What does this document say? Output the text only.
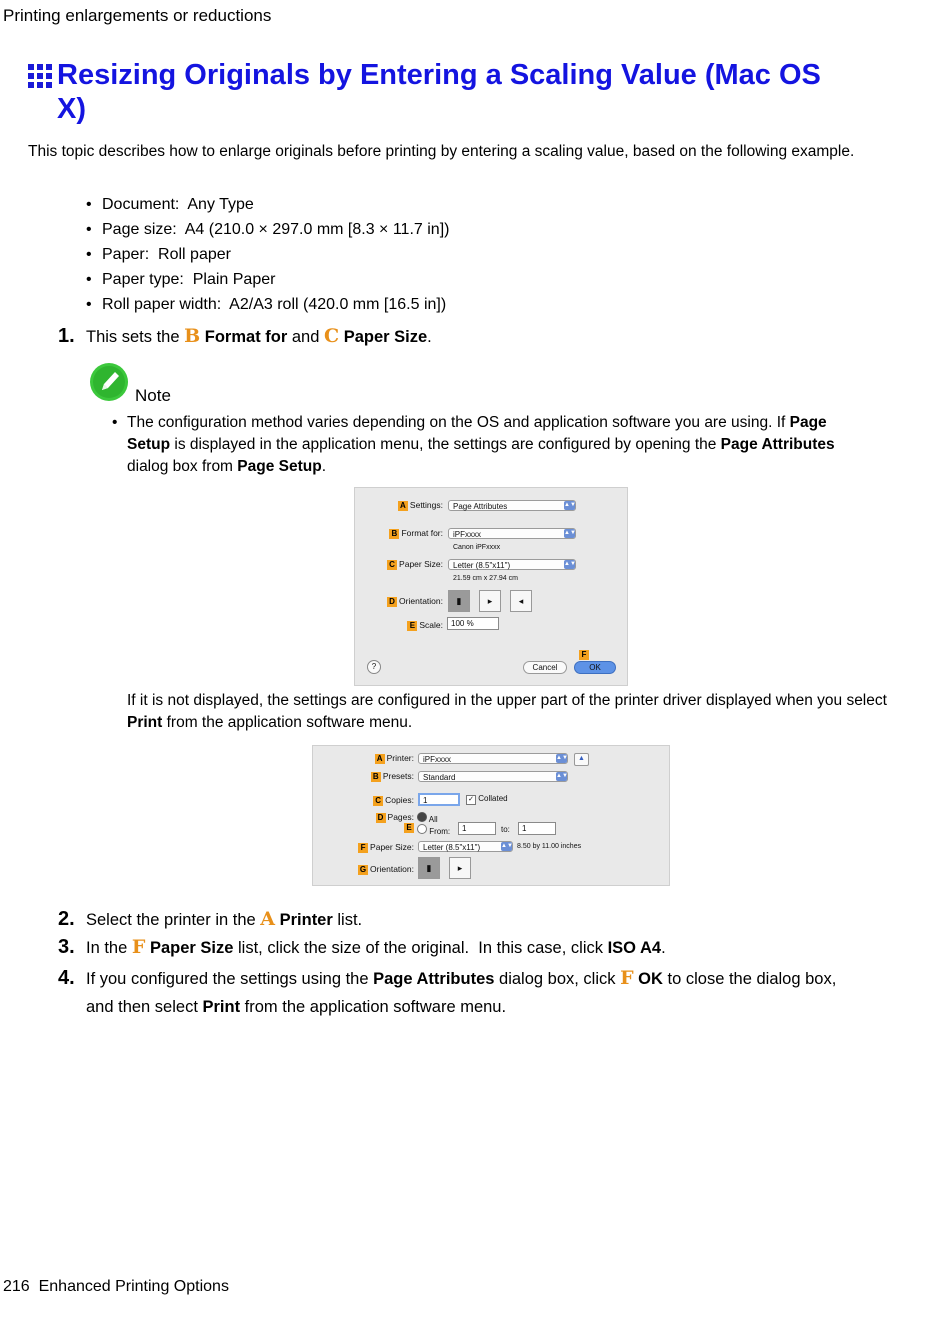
Printing enlargements or reductions
Resizing Originals by Entering a Scaling Value (Mac OS X)
This topic describes how to enlarge originals before printing by entering a scaling value, based on the following example.
• Document:  Any Type
• Page size:  A4 (210.0 × 297.0 mm [8.3 × 11.7 in])
• Paper:  Roll paper
• Paper type:  Plain Paper
• Roll paper width:  A2/A3 roll (420.0 mm [16.5 in])
1. This sets the B Format for and C Paper Size.
Note
• The configuration method varies depending on the OS and application software you are using. If Page Setup is displayed in the application menu, the settings are configured by opening the Page Attributes dialog box from Page Setup.
A Settings:	Page Attributes	▲▼
B Format for:	iPFxxxx	▲▼
Canon iPFxxxx
C Paper Size:	Letter (8.5"x11")	▲▼
21.59 cm x 27.94 cm
D Orientation:	▮	▸	◂
E Scale:	100 %
?
F
Cancel	OK
If it is not displayed, the settings are configured in the upper part of the printer driver displayed when you select Print from the application software menu.
A Printer:	iPFxxxx	▲▼	▲
B Presets:	Standard	▲▼
C Copies:	1	✓ Collated
D Pages:	All
E	From:	1	to:	1
F Paper Size:	Letter (8.5"x11")	▲▼ 8.50 by 11.00 inches
G Orientation:	▮	▸
2. Select the printer in the A Printer list.
3. In the F Paper Size list, click the size of the original.  In this case, click ISO A4.
4. If you configured the settings using the Page Attributes dialog box, click F OK to close the dialog box, and then select Print from the application software menu.
216 Enhanced Printing Options
